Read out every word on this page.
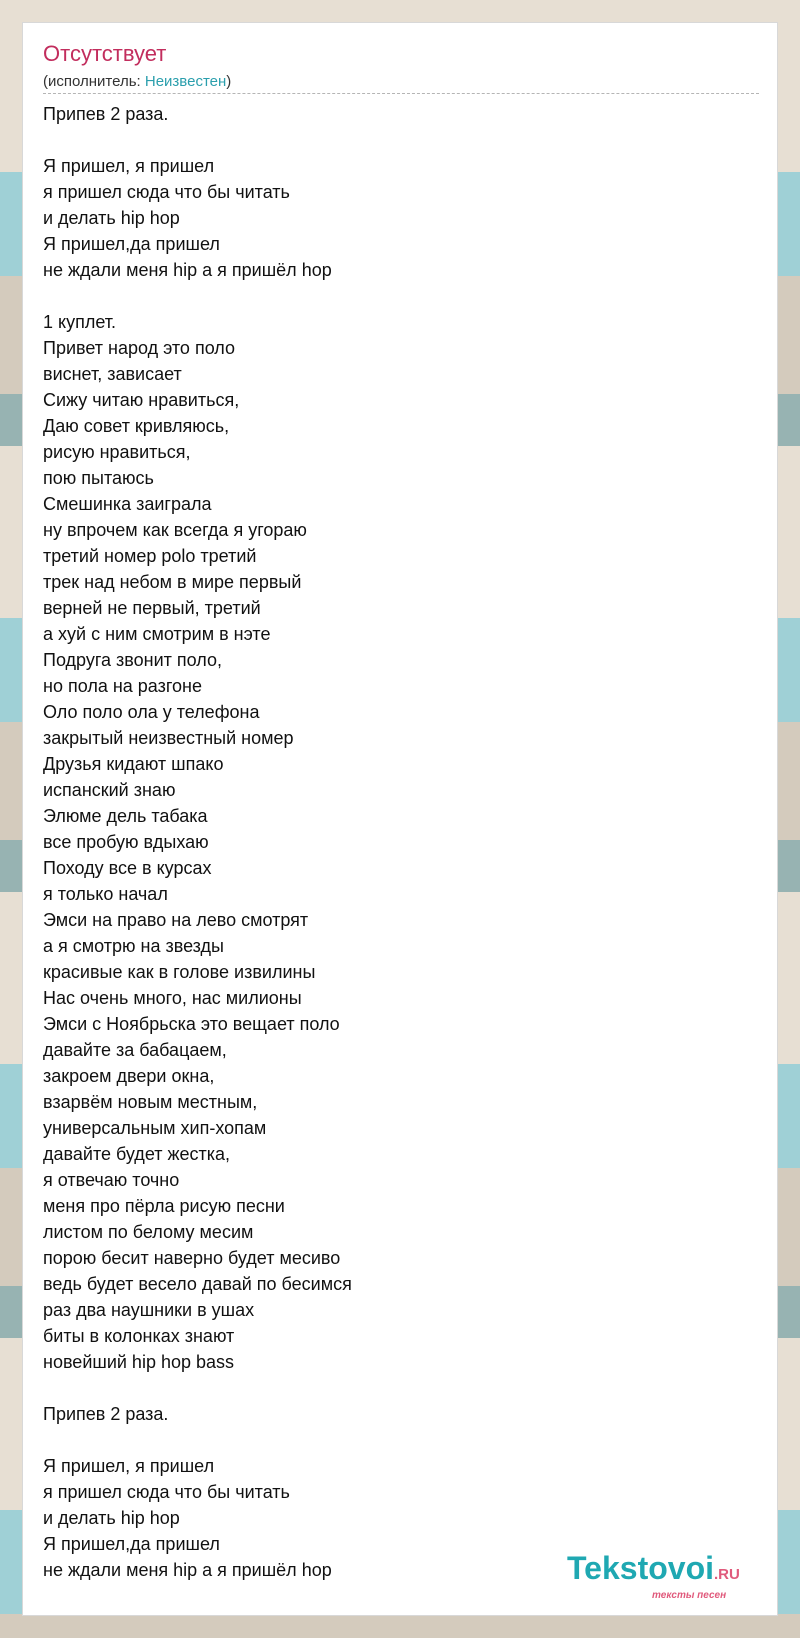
Отсутствует
(исполнитель: Неизвестен)
Припев 2 раза.

Я пришел, я пришел
я пришел сюда что бы читать
и делать hip hop
Я пришел,да пришел
не ждали меня hip а я пришёл hop

1 куплет.
Привет народ это поло
виснет, зависает
Сижу читаю нравиться,
Даю совет кривляюсь,
рисую нравиться,
пою пытаюсь
Смешинка заиграла
ну впрочем как всегда я угораю
третий номер polo третий
трек над небом в мире первый
верней не первый, третий
а хуй с ним смотрим в нэте
Подруга звонит поло,
но пола на разгоне
Оло поло ола у телефона
закрытый неизвестный номер
Друзья кидают шпако
испанский знаю
Элюме дель табака
все пробую вдыхаю
Походу все в курсах
я только начал
Эмси на право на лево смотрят
а я смотрю на звезды
красивые как в голове извилины
Нас очень много, нас милионы
Эмси с Ноябрьска это вещает поло
давайте за бабацаем,
закроем двери окна,
взарвём новым местным,
универсальным хип-хопам
давайте будет жестка,
я отвечаю точно
меня про пёрла рисую песни
листом по белому месим
порою бесит наверно будет месиво
ведь будет весело давай по бесимся
раз два наушники в ушах
биты в колонках знают
новейший hip hop bass

Припев 2 раза.

Я пришел, я пришел
я пришел сюда что бы читать
и делать hip hop
Я пришел,да пришел
не ждали меня hip а я пришёл hop	Tekstovoi.RU
тексты песен
